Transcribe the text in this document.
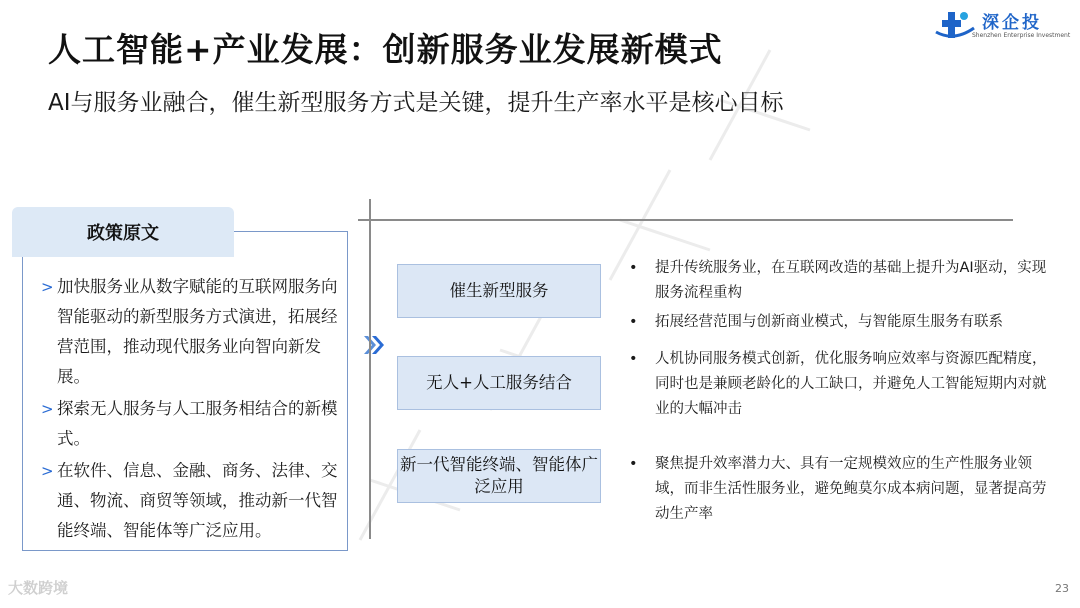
人工智能+产业发展：创新服务业发展新模式
AI与服务业融合，催生新型服务方式是关键，提升生产率水平是核心目标
深企投
Shenzhen Enterprise Investment
> 加快服务业从数字赋能的互联网服务向智能驱动的新型服务方式演进，拓展经营范围，推动现代服务业向智向新发展。
> 探索无人服务与人工服务相结合的新模式。
> 在软件、信息、金融、商务、法律、交通、物流、商贸等领域，推动新一代智能终端、智能体等广泛应用。
政策原文
催生新型服务
无人+人工服务结合
新一代智能终端、智能体广泛应用
• 提升传统服务业，在互联网改造的基础上提升为AI驱动，实现服务流程重构
• 拓展经营范围与创新商业模式，与智能原生服务有联系
• 人机协同服务模式创新，优化服务响应效率与资源匹配精度，同时也是兼顾老龄化的人工缺口，并避免人工智能短期内对就业的大幅冲击
• 聚焦提升效率潜力大、具有一定规模效应的生产性服务业领域，而非生活性服务业，避免鲍莫尔成本病问题，显著提高劳动生产率
大数跨境	23
